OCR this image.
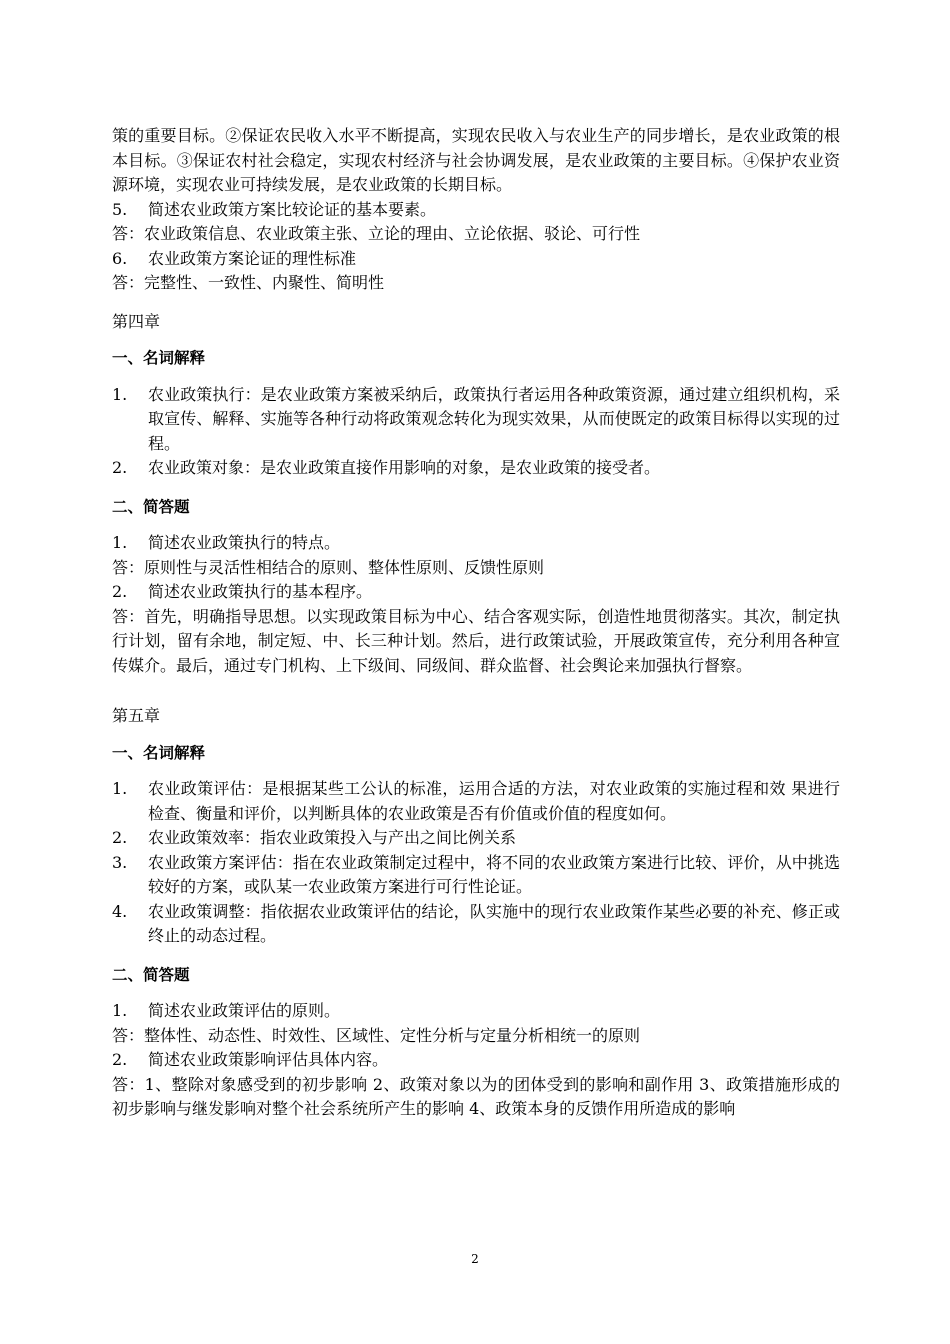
策的重要目标。②保证农民收入水平不断提高，实现农民收入与农业生产的同步增长，是农业政策的根本目标。③保证农村社会稳定，实现农村经济与社会协调发展，是农业政策的主要目标。④保护农业资源环境，实现农业可持续发展，是农业政策的长期目标。

5. 简述农业政策方案比较论证的基本要素。

答：农业政策信息、农业政策主张、立论的理由、立论依据、驳论、可行性

6. 农业政策方案论证的理性标准

答：完整性、一致性、内聚性、简明性

第四章

一、名词解释

1. 农业政策执行：是农业政策方案被采纳后，政策执行者运用各种政策资源，通过建立组织机构，采取宣传、解释、实施等各种行动将政策观念转化为现实效果，从而使既定的政策目标得以实现的过程。

2. 农业政策对象：是农业政策直接作用影响的对象，是农业政策的接受者。

二、简答题

1. 简述农业政策执行的特点。

答：原则性与灵活性相结合的原则、整体性原则、反馈性原则

2. 简述农业政策执行的基本程序。

答：首先，明确指导思想。以实现政策目标为中心、结合客观实际，创造性地贯彻落实。其次，制定执行计划，留有余地，制定短、中、长三种计划。然后，进行政策试验，开展政策宣传，充分利用各种宣传媒介。最后，通过专门机构、上下级间、同级间、群众监督、社会舆论来加强执行督察。

第五章

一、名词解释

1. 农业政策评估：是根据某些工公认的标准，运用合适的方法，对农业政策的实施过程和效 果进行检查、衡量和评价，以判断具体的农业政策是否有价值或价值的程度如何。

2. 农业政策效率：指农业政策投入与产出之间比例关系

3. 农业政策方案评估：指在农业政策制定过程中，将不同的农业政策方案进行比较、评价，从中挑选较好的方案，或队某一农业政策方案进行可行性论证。

4. 农业政策调整：指依据农业政策评估的结论，队实施中的现行农业政策作某些必要的补充、修正或终止的动态过程。

二、简答题

1. 简述农业政策评估的原则。

答：整体性、动态性、时效性、区域性、定性分析与定量分析相统一的原则

2. 简述农业政策影响评估具体内容。

答：1、整除对象感受到的初步影响 2、政策对象以为的团体受到的影响和副作用 3、政策措施形成的初步影响与继发影响对整个社会系统所产生的影响 4、政策本身的反馈作用所造成的影响

2
